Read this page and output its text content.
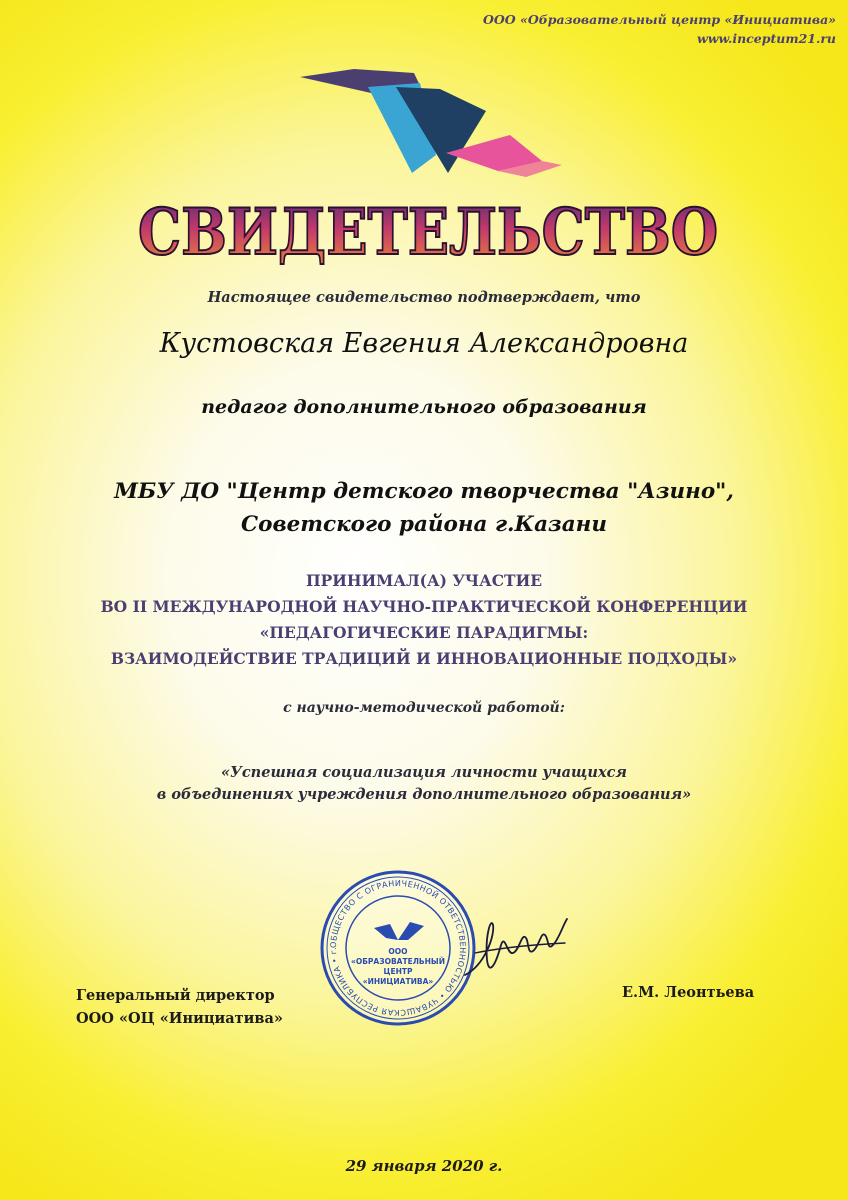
ООО «Образовательный центр «Инициатива»
www.inceptum21.ru
СВИДЕТЕЛЬСТВО
Настоящее свидетельство подтверждает, что
Кустовская Евгения Александровна
педагог дополнительного образования
МБУ ДО "Центр детского творчества "Азино",
Советского района г.Казани
ПРИНИМАЛ(А) УЧАСТИЕ
ВО II МЕЖДУНАРОДНОЙ НАУЧНО-ПРАКТИЧЕСКОЙ КОНФЕРЕНЦИИ
«ПЕДАГОГИЧЕСКИЕ ПАРАДИГМЫ:
ВЗАИМОДЕЙСТВИЕ ТРАДИЦИЙ И ИННОВАЦИОННЫЕ ПОДХОДЫ»
с научно-методической работой:
«Успешная социализация личности учащихся
в объединениях учреждения дополнительного образования»
ОБЩЕСТВО С ОГРАНИЧЕННОЙ ОТВЕТСТВЕННОСТЬЮ • ЧУВАШСКАЯ РЕСПУБЛИКА • г.	ООО
«ОБРАЗОВАТЕЛЬНЫЙ
ЦЕНТР
«ИНИЦИАТИВА»
Генеральный директор
ООО «ОЦ «Инициатива»
Е.М. Леонтьева
29 января 2020 г.
